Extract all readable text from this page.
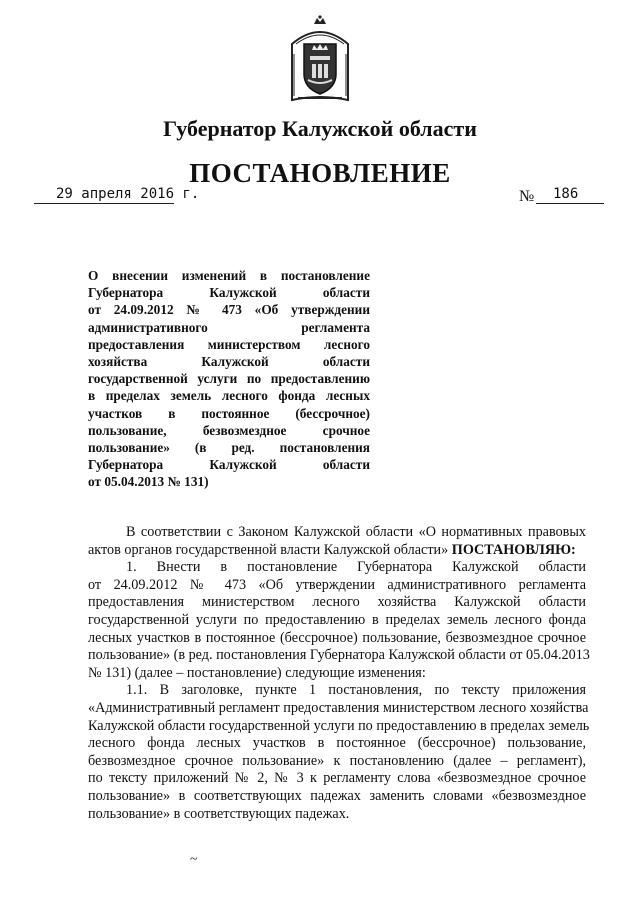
Губернатор Калужской области
ПОСТАНОВЛЕНИЕ
29 апреля 2016 г.	№ 186
О внесении изменений в постановление
Губернатора Калужской области
от 24.09.2012 № 473 «Об утверждении
административного регламента
предоставления министерством лесного
хозяйства Калужской области
государственной услуги по предоставлению
в пределах земель лесного фонда лесных
участков в постоянное (бессрочное)
пользование, безвозмездное срочное
пользование» (в ред. постановления
Губернатора Калужской области
от 05.04.2013 № 131)
В соответствии с Законом Калужской области «О нормативных правовых
актов органов государственной власти Калужской области» ПОСТАНОВЛЯЮ:
1. Внести в постановление Губернатора Калужской области
от 24.09.2012 № 473 «Об утверждении административного регламента
предоставления министерством лесного хозяйства Калужской области
государственной услуги по предоставлению в пределах земель лесного фонда
лесных участков в постоянное (бессрочное) пользование, безвозмездное срочное
пользование» (в ред. постановления Губернатора Калужской области от 05.04.2013
№ 131) (далее – постановление) следующие изменения:
1.1. В заголовке, пункте 1 постановления, по тексту приложения
«Административный регламент предоставления министерством лесного хозяйства
Калужской области государственной услуги по предоставлению в пределах земель
лесного фонда лесных участков в постоянное (бессрочное) пользование,
безвозмездное срочное пользование» к постановлению (далее – регламент),
по тексту приложений № 2, № 3 к регламенту слова «безвозмездное срочное
пользование» в соответствующих падежах заменить словами «безвозмездное
пользование» в соответствующих падежах.
~
